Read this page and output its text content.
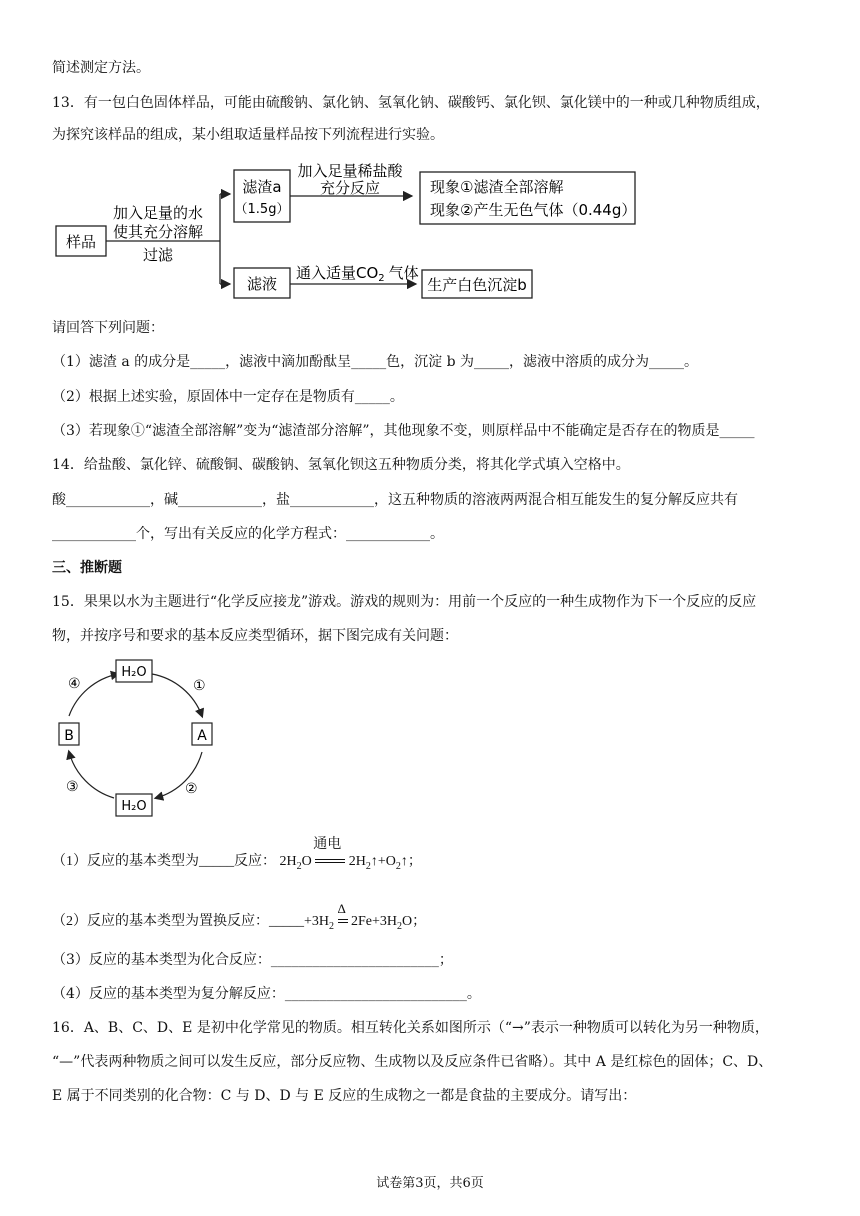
简述测定方法。
13．有一包白色固体样品，可能由硫酸钠、氯化钠、氢氧化钠、碳酸钙、氯化钡、氯化镁中的一种或几种物质组成，
为探究该样品的组成，某小组取适量样品按下列流程进行实验。
样品
加入足量的水
使其充分溶解
过滤
滤渣a
（1.5g）
加入足量稀盐酸
充分反应	现象①滤渣全部溶解
现象②产生无色气体（0.44g）
滤液
通入适量$CO_2$ 气体
生产白色沉淀b
请回答下列问题：
（1）滤渣 a 的成分是_____，滤液中滴加酚酞呈_____色，沉淀 b 为_____，滤液中溶质的成分为_____。
（2）根据上述实验，原固体中一定存在是物质有_____。
（3）若现象①“滤渣全部溶解”变为“滤渣部分溶解”，其他现象不变，则原样品中不能确定是否存在的物质是_____
14．给盐酸、氯化锌、硫酸铜、碳酸钠、氢氧化钡这五种物质分类，将其化学式填入空格中。
酸____________，碱____________，盐____________，这五种物质的溶液两两混合相互能发生的复分解反应共有
____________个，写出有关反应的化学方程式：____________。
三、推断题
15．果果以水为主题进行“化学反应接龙”游戏。游戏的规则为：用前一个反应的一种生成物作为下一个反应的反应
物，并按序号和要求的基本反应类型循环，据下图完成有关问题：
H₂O
A
B
H₂O
①
②
③
④
（1）反应的基本类型为_____反应： $2H_2O$
通电
$2H_2↑+O_2↑$；
（2）反应的基本类型为置换反应：$\_\_\_\_\_+3H_2$
Δ
$2Fe+3H_2O$；
（3）反应的基本类型为化合反应：________________________；
（4）反应的基本类型为复分解反应：__________________________。
16．A、B、C、D、E 是初中化学常见的物质。相互转化关系如图所示（“→”表示一种物质可以转化为另一种物质，
“—”代表两种物质之间可以发生反应，部分反应物、生成物以及反应条件已省略）。其中 A 是红棕色的固体；C、D、
E 属于不同类别的化合物：C 与 D、D 与 E 反应的生成物之一都是食盐的主要成分。请写出：
试卷第3页，共6页
